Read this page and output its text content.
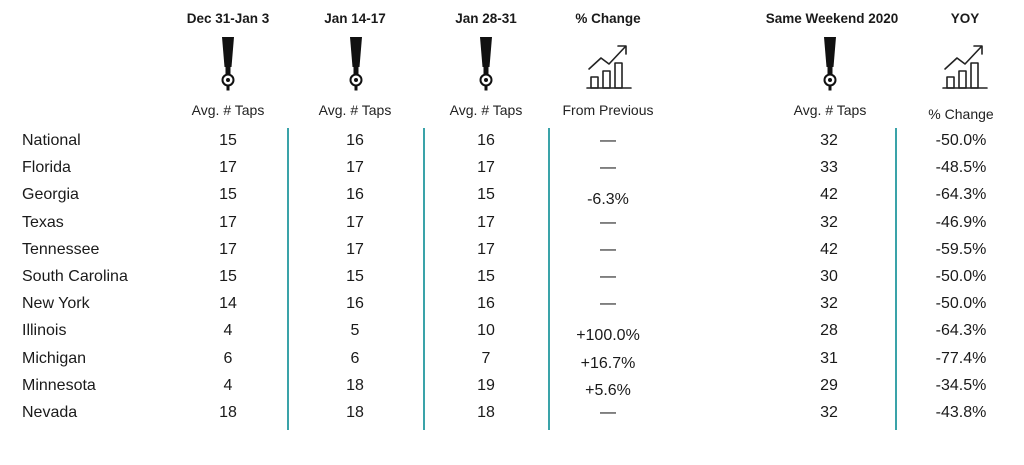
Dec 31-Jan 3	Jan 14-17	Jan 28-31	% Change	Same Weekend 2020	YOY
Avg. # Taps	Avg. # Taps	Avg. # Taps	From Previous	Avg. # Taps	% Change
National	15	16	16	—	32	-50.0%
Florida	17	17	17	—	33	-48.5%
Georgia	15	16	15	-6.3%	42	-64.3%
Texas	17	17	17	—	32	-46.9%
Tennessee	17	17	17	—	42	-59.5%
South Carolina	15	15	15	—	30	-50.0%
New York	14	16	16	—	32	-50.0%
Illinois	4	5	10	+100.0%	28	-64.3%
Michigan	6	6	7	+16.7%	31	-77.4%
Minnesota	4	18	19	+5.6%	29	-34.5%
Nevada	18	18	18	—	32	-43.8%
